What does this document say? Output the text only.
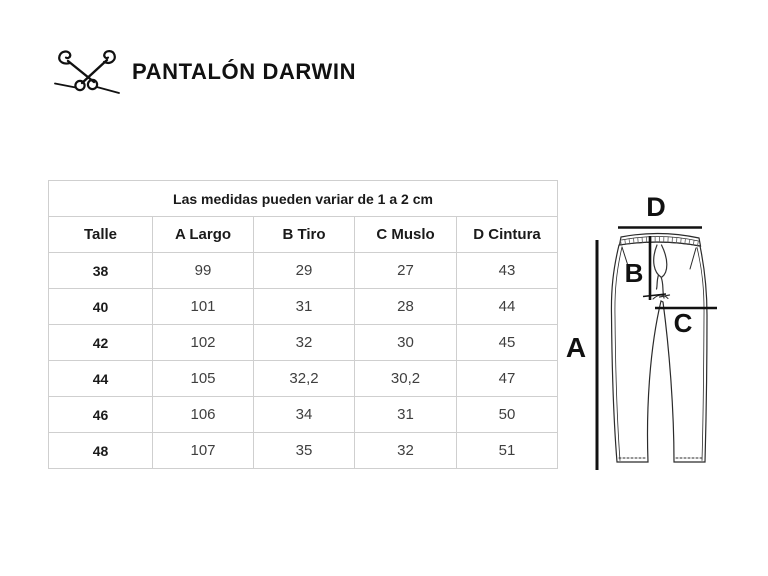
PANTALÓN DARWIN
Las medidas pueden variar de 1 a 2 cm				
Talle	A Largo	B Tiro	C Muslo	D Cintura
38	99	29	27	43
40	101	31	28	44
42	102	32	30	45
44	105	32,2	30,2	47
46	106	34	31	50
48	107	35	32	51
D
A
B
C
